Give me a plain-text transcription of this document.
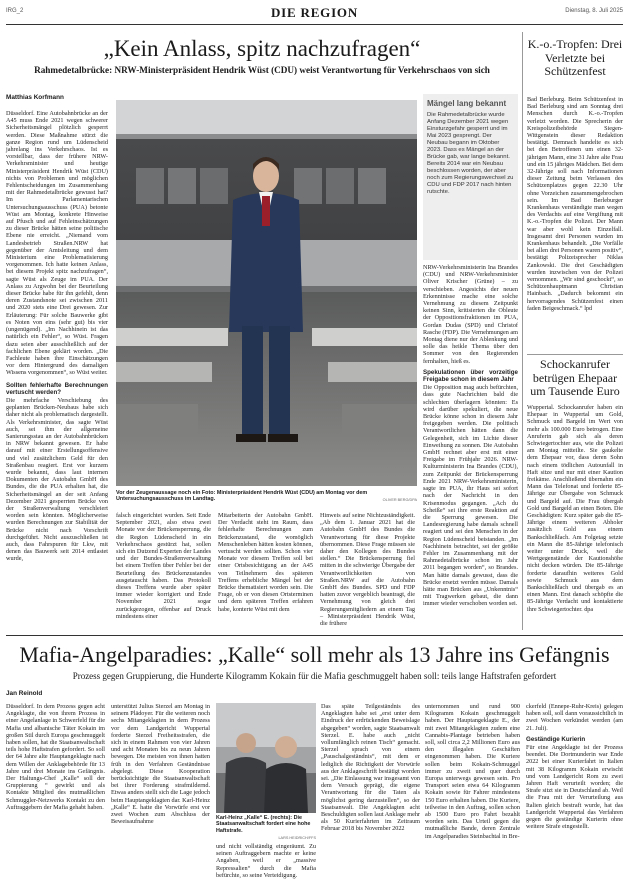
IRG_2	DIE REGION	Dienstag, 8. Juli 2025
„Kein Anlass, spitz nachzufragen“
Rahmedetalbrücke: NRW-Ministerpräsident Hendrik Wüst (CDU) weist Verantwortung für Verkehrschaos von sich
Matthias Korfmann

Düsseldorf. Eine Autobahnbrücke an der A45 muss Ende 2021 wegen schwerer Sicherheitsmängel plötzlich gesperrt werden. Diese Maßnahme stürzt die ganze Region rund um Lüdenscheid jahrelang ins Verkehrschaos. Ist es vorstellbar, dass der frühere NRW-Verkehrsminister und heutige Ministerpräsident Hendrik Wüst (CDU) nichts von Problemen und möglichen Fehlentscheidungen im Zusammenhang mit der Rahmedetalbrücke gewusst hat? Im Parlamentarischen Untersuchungsausschuss (PUA) betonte Wüst am Montag, konkrete Hinweise auf Pfusch und auf Fehleinschätzungen zu dieser Brücke hätten seine politische Ebene nie erreicht. „Niemand vom Landesbetrieb Straßen.NRW hat gegenüber der Amtsleitung und dem Ministerium eine Problematisierung vorgenommen. Ich hatte keinen Anlass, bei diesem Projekt spitz nachzufragen“, sagte Wüst als Zeuge im PUA. Der Anlass zu Argwohn bei der Beurteilung dieser Brücke habe für ihn gefehlt, denn deren Zustandsnote sei zwischen 2011 und 2020 stets eine Drei gewesen. Zur Erläuterung: Für solche Bauwerke gibt es Noten von eins (sehr gut) bis vier (ungenügend). „Im Nachhinein ist das natürlich ein Fehler“, so Wüst. Fragen dazu seien aber ausschließlich auf der fachlichen Ebene geklärt worden. „Die Fachleute haben ihre Einschätzungen vor dem Hintergrund des damaligen Wissens vorgenommen“, so Wüst weiter.

Sollten fehlerhafte Berechnungen vertuscht werden?

Die mehrfache Verschiebung des geplanten Brücken-Neubaus habe sich daher nicht als problematisch dargestellt. Als Verkehrsminister, das sagte Wüst auch, sei ihm der allgemeine Sanierungsstau an der Autobahnbrücken in NRW bekannt gewesen. Er habe darauf mit einer Erstellungsoffensive und viel zusätzlichem Geld für den Straßenbau reagiert. Erst vor kurzem wurde bekannt, dass laut internen Dokumenten der Autobahn GmbH des Bundes, die die PUA erhalten hat, die Sicherheitsmängel an der seit Anfang Dezember 2021 gesperrten Brücke von der Straßenverwaltung verschleiert worden sein könnten. Möglicherweise wurden Berechnungen zur Stabilität der Brücke nicht nach Vorschrift durchgeführt. Nicht auszuschließen ist auch, dass Fahrspuren für Lkw, mit denen das Bauwerk seit 2014 entlastet wurde,

Vor der Zeugenaussage noch ein Foto: Ministerpräsident Hendrik Wüst (CDU) am Montag vor dem Untersuchungsausschuss im Landtag.	OLIVER BERG/DPA

falsch eingerichtet wurden. Seit Ende September 2021, also etwa zwei Monate vor der Brückensperrung, die die Region Lüdenscheid in ein Verkehrschaos gestürzt hat, sollen sich ein Dutzend Experten der Landes und der Bundes-Straßenverwaltung bei einem Treffen über Fehler bei der Beurteilung des Brückenzustandes ausgetauscht haben. Das Protokoll dieses Treffens wurde aber später immer wieder korrigiert und Ende November 2021 sogar zurückgezogen, offenbar auf Druck mindestens einer

Mitarbeiterin der Autobahn GmbH. Der Verdacht steht im Raum, dass fehlerhafte Berechnungen zum Brückenzustand, die womöglich Menschenleben hätten kosten können, vertuscht werden sollten. Schon vier Monate vor diesem Treffen soll bei einer Ortsbesichtigung an der A45 von Teilnehmern des späteren Treffens erhebliche Mängel bei der Brücke thematisiert worden sein. Die Frage, ob er von diesen Ortsterminen und dem späteren Treffen erfahren habe, konterte Wüst mit dem

Hinweis auf seine Nichtzuständigkeit. „Ab dem 1. Januar 2021 hat die Autobahn GmbH des Bundes die Verantwortung für diese Projekte übernommen. Diese Frage müssen sie daher den Kollegen des Bundes stellen.“ Die Brückensperrung fiel mitten in die schwierige Übergabe der Verantwortlichkeiten von Straßen.NRW auf die Autobahn GmbH des Bundes. SPD und FDP hatten zuvor vergeblich beantragt, die Vernehmung von gleich drei Regierungsmitgliedern an einem Tag – Ministerpräsident Hendrik Wüst, die frühere

Mängel lang bekannt
Die Rahmedetalbrücke wurde Anfang Dezember 2021 wegen Einsturzgefahr gesperrt und im Mai 2023 gesprengt. Der Neubau begann im Oktober 2023. Dass es Mängel an der Brücke gab, war lange bekannt. Bereits 2014 war ein Neubau beschlossen worden, der aber noch zum Regierungswechsel zu CDU und FDP 2017 nach hinten rutschte.

NRW-Verkehrsministerin Ina Brandes (CDU) und NRW-Verkehrsminister Oliver Krischer (Grüne) – zu verschieben. Angesichts der neuen Erkenntnisse mache eine solche Vernehmung zu diesem Zeitpunkt keinen Sinn, kritisierten die Obleute der Oppositionsfraktionen im PUA, Gordan Dudas (SPD) und Christof Rasche (FDP). Die Vernehmungen am Montag diene nur der Ablenkung und solle das heikle Thema über den Sommer von den Regierenden fernhalten, hieß es.

Spekulationen über vorzeitige Freigabe schon in diesem Jahr

Die Opposition mag auch befürchten, dass gute Nachrichten bald die schlechten überlagern könnten: Es wird darüber spekuliert, die neue Brücke könne schon in diesem Jahr freigegeben werden. Die politisch Verantwortlichen hätten dann die Gelegenheit, sich im Lichte dieser Einweihung zu sonnen. Die Autobahn GmbH rechnet aber erst mit einer Freigabe im Frühjahr 2026. NRW-Kulturministerin Ina Brandes (CDU), zum Zeitpunkt der Brückensperrung Ende 2021 NRW-Verkehrsministerin, sagte im PUA, ihr Haus sei sofort nach der Nachricht in den Krisenmodus gegangen. „Ach du Scheiße“ sei ihre erste Reaktion auf die Sperrung gewesen. Die Landesregierung habe damals schnell reagiert und sei den Menschen in der Region Lüdenscheid beistanden. „Im Nachhinein betrachtet, sei der größte Fehler im Zusammenhang mit der Rahmedetalbrücke schon im Jahr 2011 begangen worden“, so Brandes. Man hätte damals gewusst, dass die Brücke ersetzt werden müsse. Damals hätte man Brücken aus „Unkenntnis“ mit Tragwerken gebaut, die dann immer wieder verschoben worden sei.

K.-o.-Tropfen: Drei Verletzte bei Schützenfest
Bad Berleburg. Beim Schützenfest in Bad Berleburg sind am Sonntag drei Menschen durch K.-o.-Tropfen verletzt worden. Die Sprecherin der Kreispolizeibehörde Siegen-Wittgenstein dieser Redaktion bestätigt. Demnach handelte es sich bei den Betroffenen um einen 32-jährigen Mann, eine 31 Jahre alte Frau und ein 15 jähriges Mädchen. Bei dem 32-Jährige soll nach Informationen dieser Zeitung beim Verlassen des Schützenplatzes gegen 22.30 Uhr ohne Vorzeichen zusammengebrochen sein. Im Bad Berleburger Krankenhaus verständigte man wegen des Verdachts auf eine Vergiftung mit K.-o.-Tropfen die Polizei. Der Mann war aber wohl kein Einzelfall. Insgesamt drei Personen wurden im Krankenhaus behandelt. „Die Vorfälle bei allen drei Personen waren positiv“, bestätigt Polizeisprecher Niklas Zankowski. Die drei Geschädigten wurden inzwischen von der Polizei vernommen. „Wir sind geschockt“, so Schützenhauptmann Christian Hainbach. „Dadurch bekommt ein hervorragendes Schützenfest einen faden Beigeschmack.“ lpd
Schockanrufer betrügen Ehepaar um Tausende Euro
Wuppertal. Schockanrufer haben ein Ehepaar in Wuppertal um Gold, Schmuck und Bargeld im Wert von mehr als 100.000 Euro betrogen. Eine Anruferin gab sich als deren Schwiegertochter aus, wie die Polizei am Montag mitteilte. Sie gaukelte dem Ehepaar vor, dass deren Sohn nach einem tödlichen Autounfall in Haft sitze und nur mit einer Kaution freikäme. Anschließend übernahm ein Mann das Telefonat und forderte 85-Jährige zur Übergabe von Schmuck und Bargeld auf. Die Frau übergab Gold und Bargeld an einen Boten. Die Geschädigten: Kurz später gab die 85-Jährige einem weiteren Abholer zusätzlich Gold aus einem Bankschließfach. Am Folgetag setzte ein Mann die 85-Jährige telefonisch weiter unter Druck, weil die Wertgegenstände der Kautionshöhe nicht decken würden. Die 85-Jährige forderte daraufhin weiteres Gold sowie Schmuck aus dem Bankschließfach und übergab es an einen Mann. Erst danach schöpfte die 85-Jährige Verdacht und kontaktierte ihre Schwiegertochter. dpa
Mafia-Angelparadies: „Kalle“ soll mehr als 13 Jahre ins Gefängnis
Prozess gegen Gruppierung, die Hunderte Kilogramm Kokain für die Mafia geschmuggelt haben soll: teils lange Haftstrafen gefordert
Jan Reinold
Düsseldorf. In dem Prozess gegen acht Angeklagte, die von ihrem Prozess in einer Angelanlage in Schwerfeld für die Mafia und albanische Täter Kokain im großen Stil durch Europa geschmuggelt haben sollen, hat die Staatsanwaltschaft teils hohe Haftstrafen gefordert. So soll der 64 Jahre alte Hauptangeklagte nach dem Willen der Anklagebehörde für 13 Jahre und drei Monate ins Gefängnis. Der Haltungs-Chef „Kalle“ soll der Gruppierung “ gewirkt und als Kontakte Mitglied des mutmaßlichen Schmuggler-Netzwerks Kontakt zu den Auftraggebern der Mafia gehabt haben.
unterstützt Julius Sterzel am Montag in seinem Plädoyer. Für die weiteren noch sechs Mitangeklagten in dem Prozess vor dem Landgericht Wuppertal forderte Sterzel Freiheitsstrafen, die sich in einem Rahmen von vier Jahren und acht Monaten bis zu neun Jahren bewegen. Die meisten von ihnen hatten früh in den Verfahren Geständnisse abgelegt. Diese Kooperation berücksichtigte die Staatsanwaltschaft bei ihrer Forderung strafmildernd. Etwas anders stellt sich die Lage jedoch beim Hauptangeklagten dar. Karl-Heinz „Kalle“ E. hatte die Vorwürfe erst vor zwei Wochen zum Abschluss der Beweisaufnahme
Karl-Heinz „Kalle“ E. (rechts): Die Staatsanwaltschaft fordert eine hohe Haftstrafe.
LARS HEIDRICH/FFS
und nicht vollständig eingeräumt. Zu seinen Auftraggebern machte er keine Angaben, weil er „massive Repressalien“ durch die Mafia befürchte, so seine Verteidigung.
Das späte Teilgeständnis des Angeklagten habe sei „erst unter dem Eindruck der erdrückenden Beweislage abgegeben“ worden, sagte Staatsanwalt Sterzel. E. habe auch „nicht vollumfänglich reinen Tisch“ gemacht. Sterzel sprach von einem „Pauschalgeständnis“, mit dem er lediglich die Richtigkeit der Vorwürfe aus der Anklageschrift bestätigt worden sei. „Die Einlassung war insgesamt von dem Versuch geprägt, die eigene Verantwortung für die Taten als möglichst gering darzustellen“, so der Staatsanwalt. Die Angeklagten acht Beschuldigten sollen laut Anklage mehr als 50 Kurierfahrten im Zeitraum Februar 2018 bis November 2022
unternommen und rund 900 Kilogramm Kokain geschmuggelt haben. Der Hauptangeklagte E., der mit zwei Mitangeklagten zudem eine Cannabis-Plantage betrieben haben soll, soll circa 2,2 Millionen Euro aus den illegalen Geschäften eingenommen haben. Die Kuriere sollen beim Kokain-Schmuggel immer zu zweit und quer durch Europa unterwegs gewesen sein. Pro Transport seien etwa 64 Kilogramm Kokain sowie für Fahrer mindestens 150 Euro erhalten haben. Die Kuriere, teilweise in den Auftrag, sollen schon ab 1500 Euro pro Fahrt bezahlt worden sein. Das Urteil gegen die mutmaßliche Bande, deren Zentrale im Angelparadies Steinbachtal in Bre-

ckerfeld (Ennepe-Ruhr-Kreis) gelegen haben soll, soll dann voraussichtlich in zwei Wochen verkündet werden (am 21. Juli).

Geständige Kurierin

Für eine Angeklagte ist der Prozess beendet. Die Dortmunderin war Ende 2022 bei einer Kurierfahrt in Italien mit 38 Kilogramm Kokain erwischt und vom Landgericht Rom zu zwei Jahren Haft verurteilt worden; die Strafe sitzt sie in Deutschland ab. Weil die Frau mit der Verurteilung aus Italien gleich bestraft wurde, hat das Landgericht Wuppertal das Verfahren gegen die geständige Kurierin ohne weitere Strafe eingestellt.
